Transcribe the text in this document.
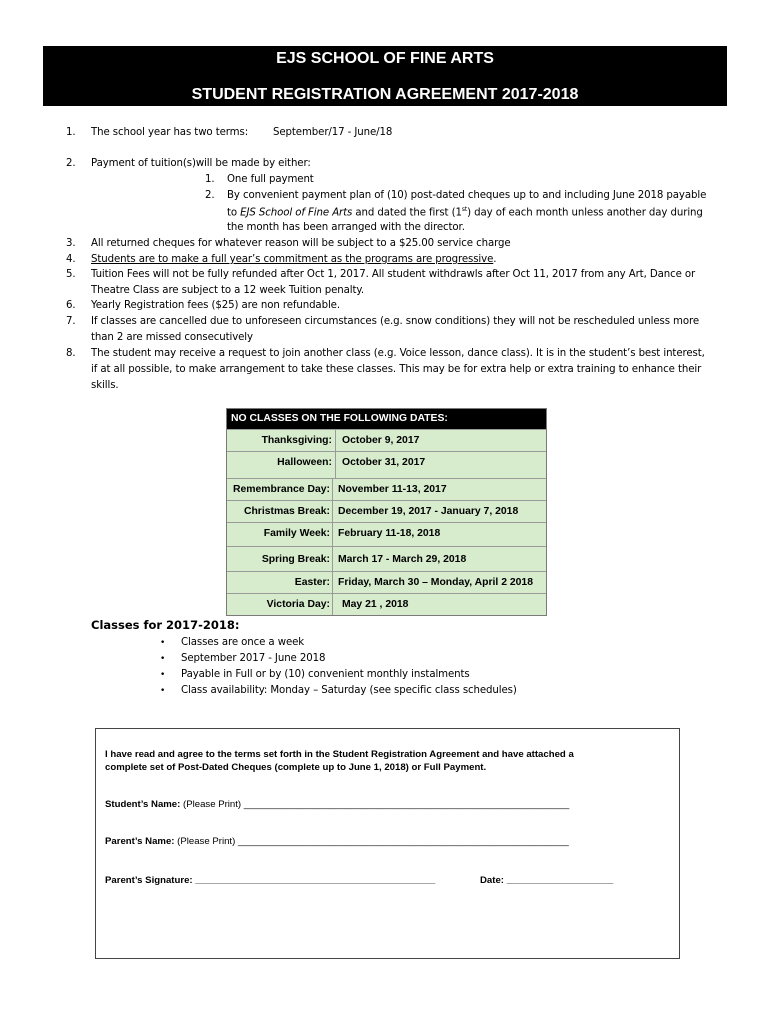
EJS SCHOOL OF FINE ARTS
STUDENT REGISTRATION AGREEMENT 2017-2018
1. The school year has two terms: September/17 - June/18
2. Payment of tuition(s)will be made by either:
1. One full payment
2. By convenient payment plan of (10) post-dated cheques up to and including June 2018 payable
to EJS School of Fine Arts and dated the first (1st) day of each month unless another day during
the month has been arranged with the director.
3. All returned cheques for whatever reason will be subject to a $25.00 service charge
4. Students are to make a full year’s commitment as the programs are progressive.
5. Tuition Fees will not be fully refunded after Oct 1, 2017. All student withdrawls after Oct 11, 2017 from any Art, Dance or
Theatre Class are subject to a 12 week Tuition penalty.
6. Yearly Registration fees ($25) are non refundable.
7. If classes are cancelled due to unforeseen circumstances (e.g. snow conditions) they will not be rescheduled unless more
than 2 are missed consecutively
8. The student may receive a request to join another class (e.g. Voice lesson, dance class). It is in the student’s best interest,
if at all possible, to make arrangement to take these classes. This may be for extra help or extra training to enhance their
skills.
NO CLASSES ON THE FOLLOWING DATES:
Thanksgiving: October 9, 2017
Halloween: October 31, 2017
Remembrance Day: November 11-13, 2017
Christmas Break: December 19, 2017 - January 7, 2018
Family Week: February 11-18, 2018
Spring Break: March 17 - March 29, 2018
Easter: Friday, March 30 – Monday, April 2 2018
Victoria Day: May 21 , 2018
Classes for 2017-2018:
• Classes are once a week
• September 2017 - June 2018
• Payable in Full or by (10) convenient monthly instalments
• Class availability: Monday – Saturday (see specific class schedules)
I have read and agree to the terms set forth in the Student Registration Agreement and have attached a
complete set of Post-Dated Cheques (complete up to June 1, 2018) or Full Payment.
Student’s Name: (Please Print) _____________________________________________________________
Parent’s Name: (Please Print) ______________________________________________________________
Parent’s Signature: _____________________________________________	Date: ____________________
